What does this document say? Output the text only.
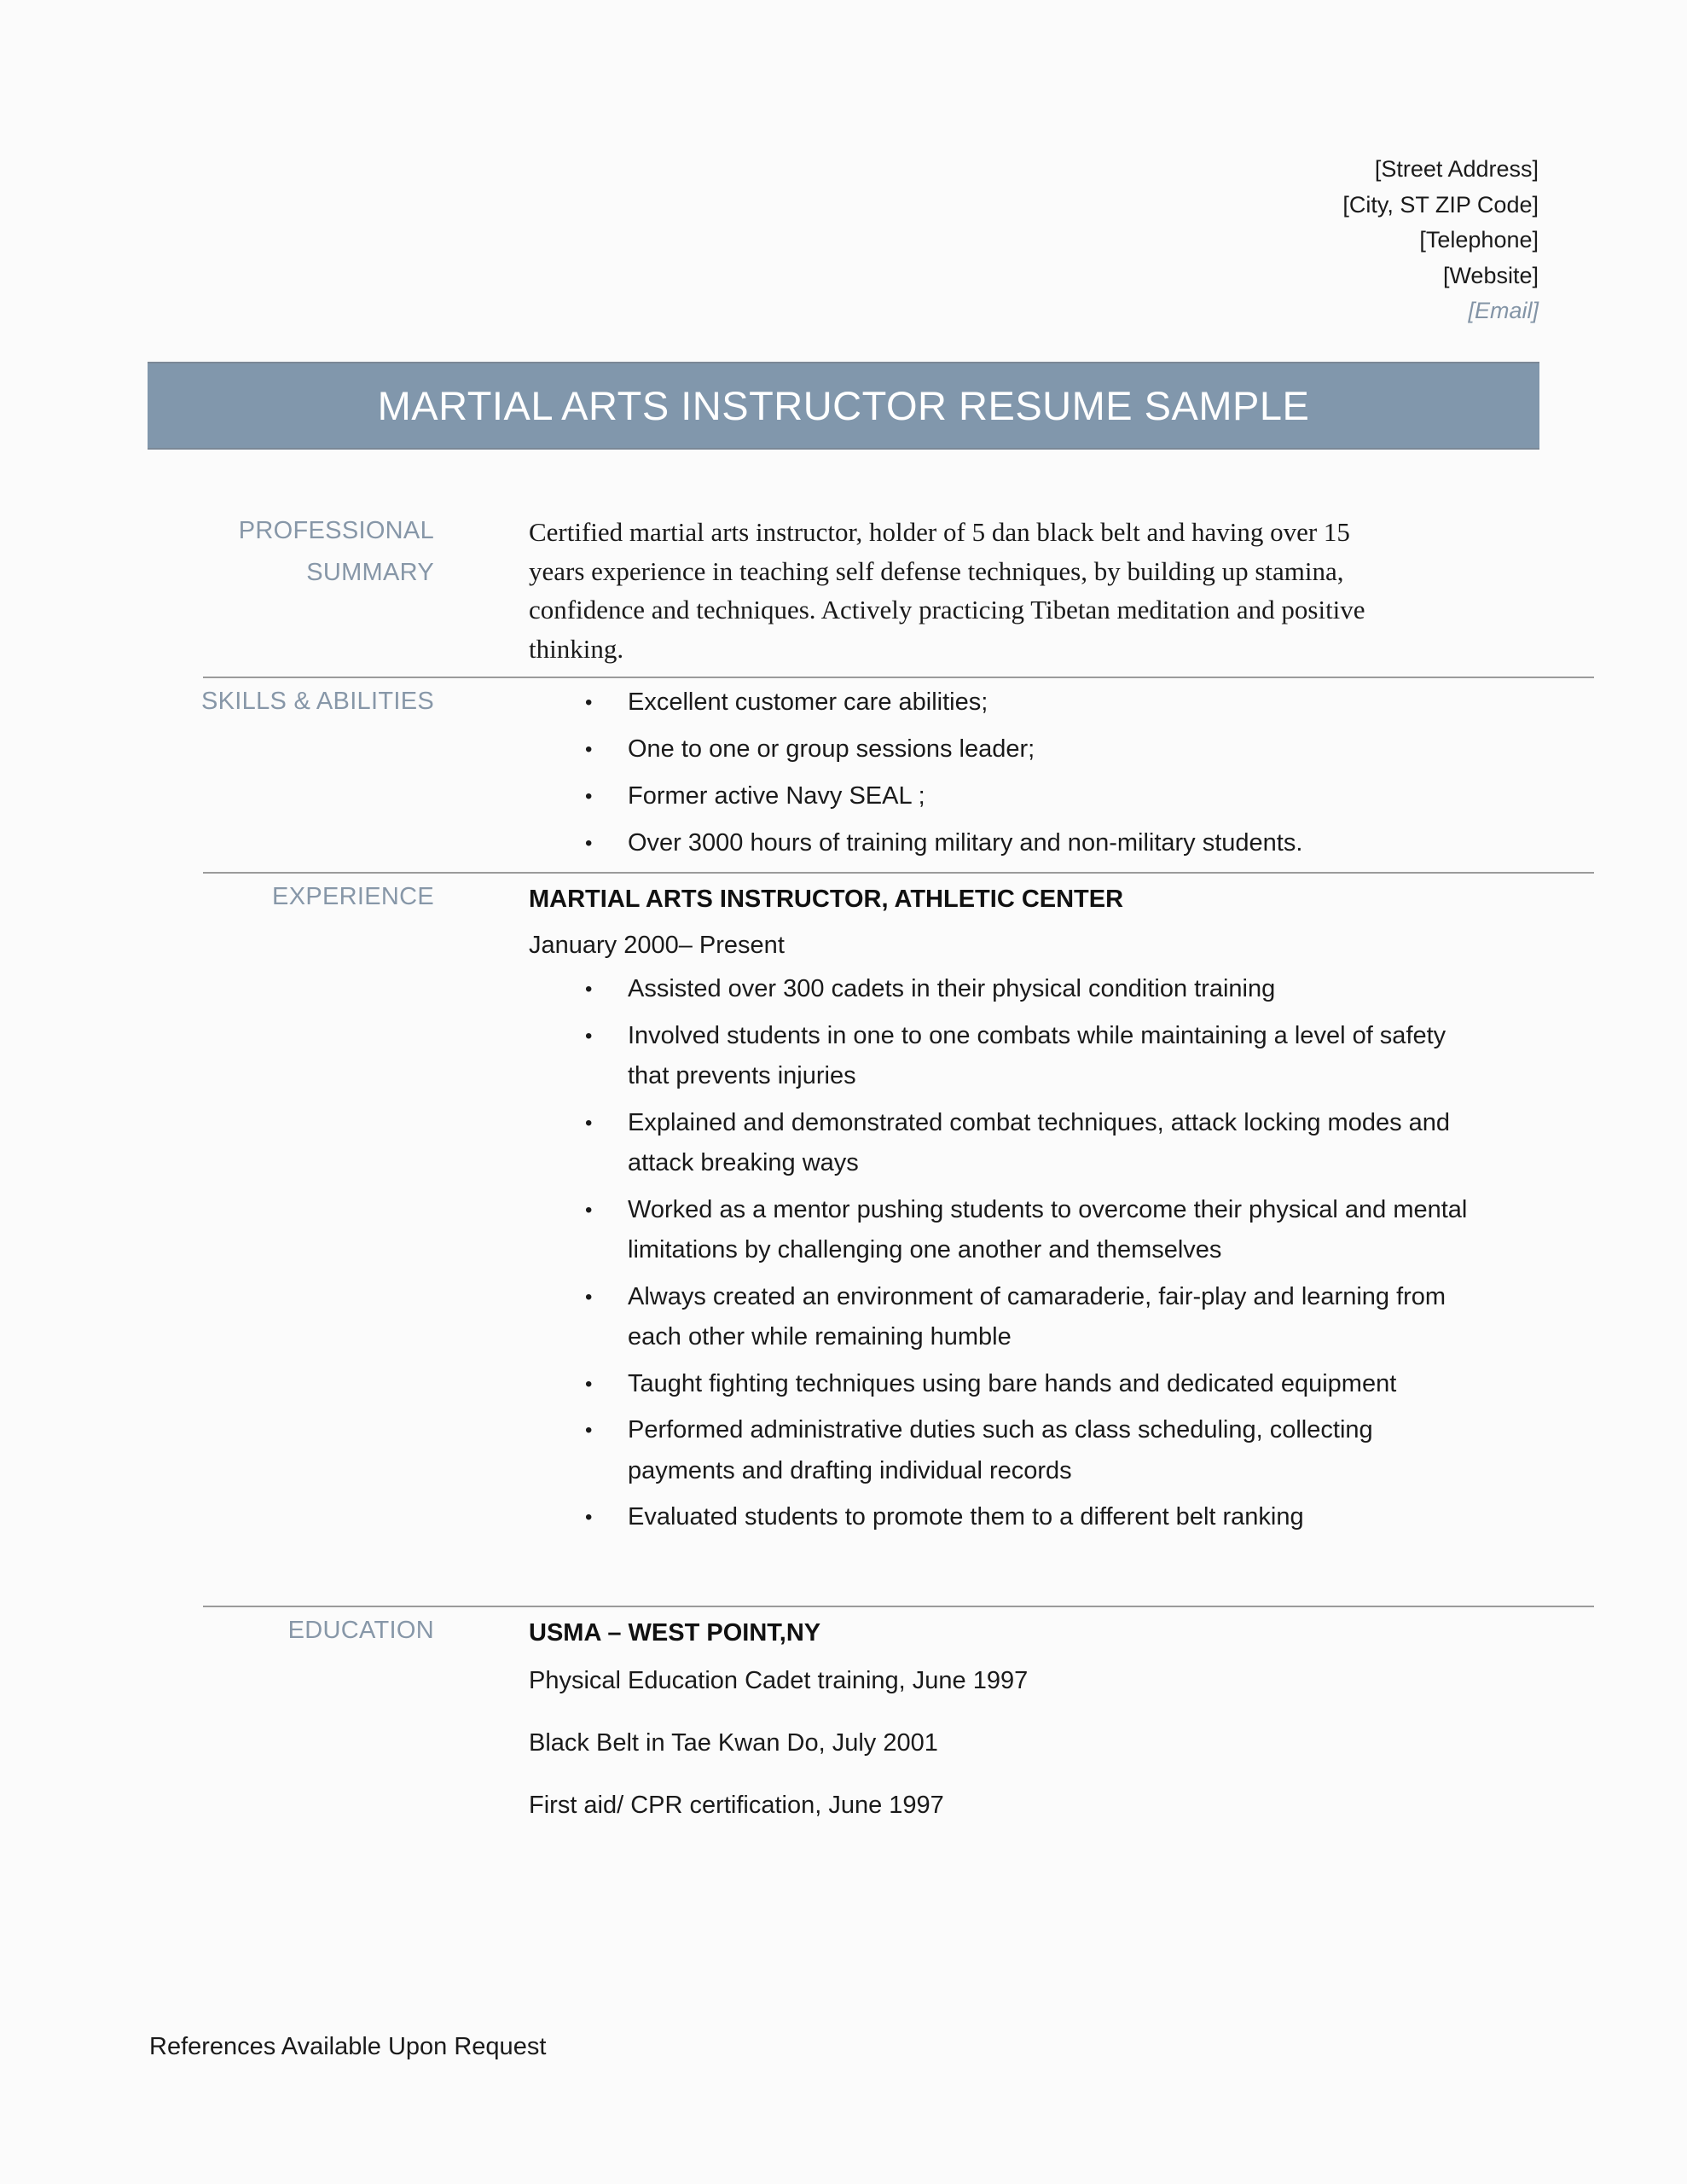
[Street Address]
[City, ST ZIP Code]
[Telephone]
[Website]
[Email]
MARTIAL ARTS INSTRUCTOR RESUME SAMPLE
PROFESSIONAL
SUMMARY
Certified martial arts instructor, holder of 5 dan black belt and having over 15 years experience in teaching self defense techniques, by building up stamina, confidence and techniques. Actively practicing Tibetan meditation and positive thinking.
SKILLS & ABILITIES	• Excellent customer care abilities;
• One to one or group sessions leader;
• Former active Navy SEAL ;
• Over 3000 hours of training military and non-military students.
EXPERIENCE	MARTIAL ARTS INSTRUCTOR, ATHLETIC CENTER
January 2000– Present
• Assisted over 300 cadets in their physical condition training
• Involved students in one to one combats while maintaining a level of safety that prevents injuries
• Explained and demonstrated combat techniques, attack locking modes and attack breaking ways
• Worked as a mentor pushing students to overcome their physical and mental limitations by challenging one another and themselves
• Always created an environment of camaraderie, fair-play and learning from each other while remaining humble
• Taught fighting techniques using bare hands and dedicated equipment
• Performed administrative duties such as class scheduling, collecting payments and drafting individual records
• Evaluated students to promote them to a different belt ranking
EDUCATION	USMA – WEST POINT,NY
Physical Education Cadet training, June 1997
Black Belt in Tae Kwan Do, July 2001
First aid/ CPR certification, June 1997
References Available Upon Request
